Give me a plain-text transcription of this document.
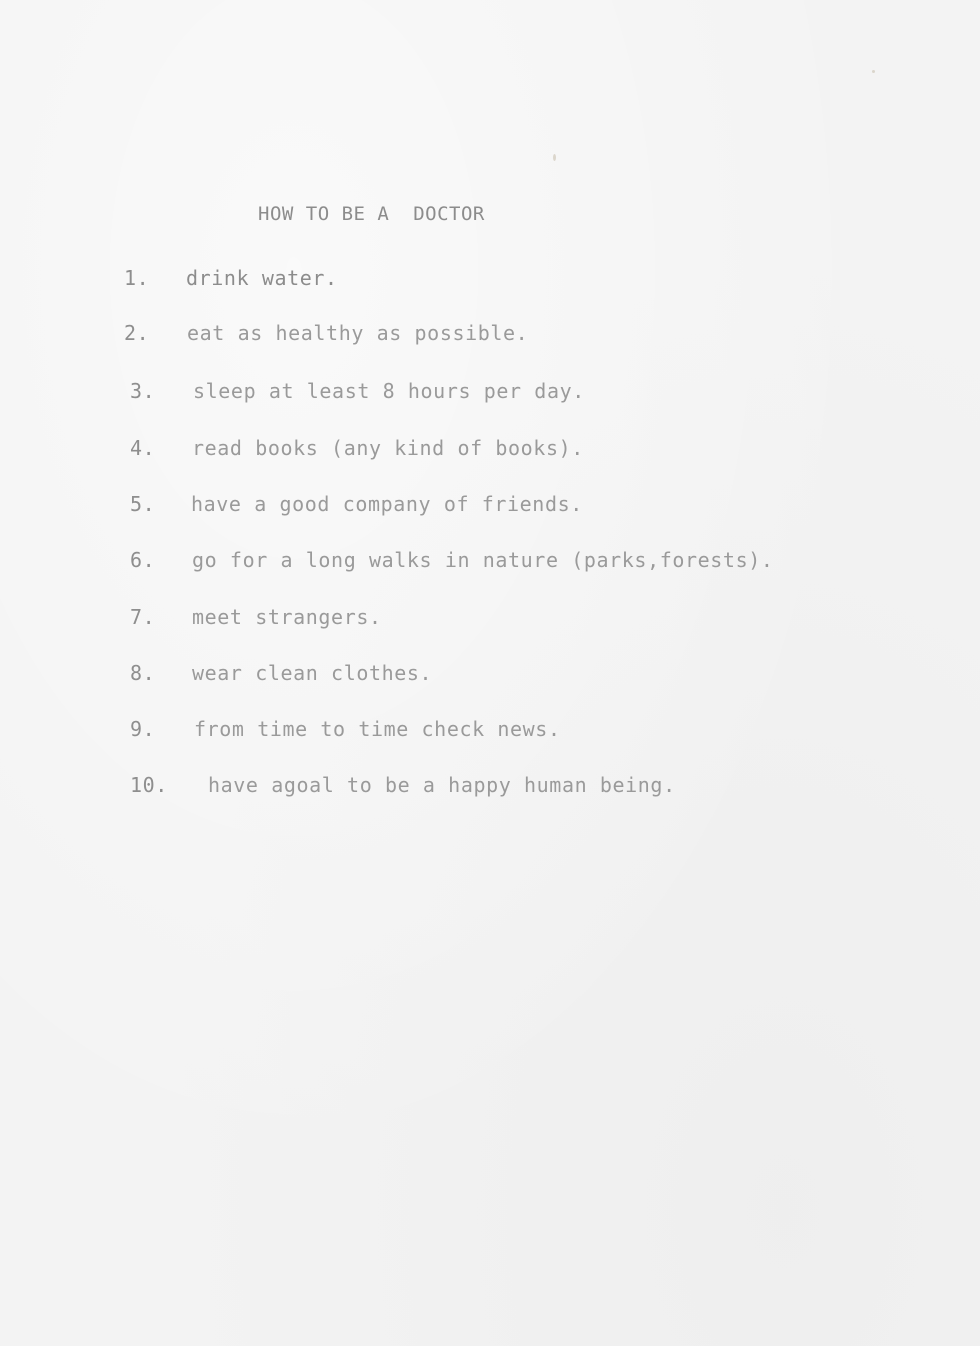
HOW TO BE A  DOCTOR

1.

drink water.

2.

eat as healthy as possible.

3.

sleep at least 8 hours per day.

4.

read books (any kind of books).

5.

have a good company of friends.

6.

go for a long walks in nature (parks,forests).

7.

meet strangers.

8.

wear clean clothes.

9.

from time to time check news.

10.

have agoal to be a happy human being.
